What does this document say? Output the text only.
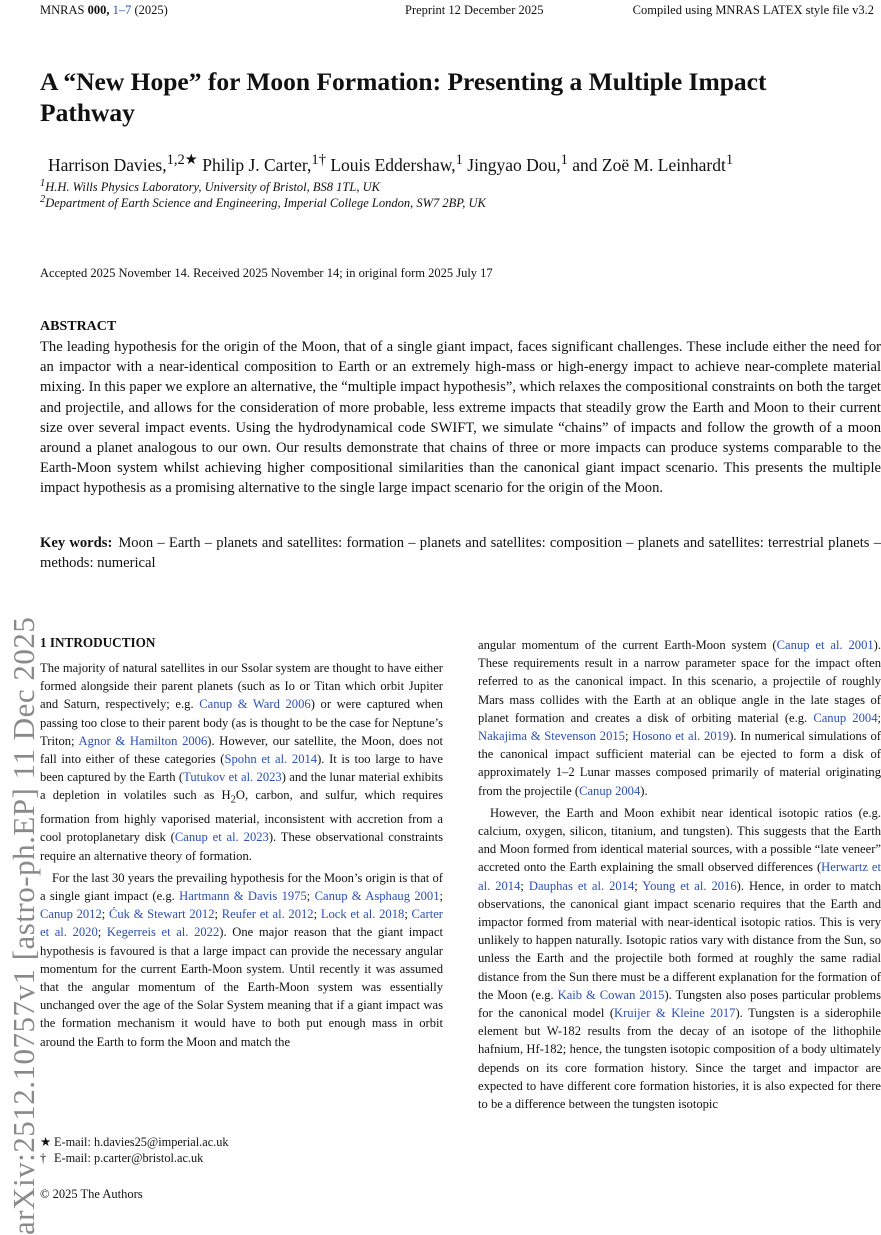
MNRAS 000, 1–7 (2025)	Preprint 12 December 2025	Compiled using MNRAS LATEX style file v3.2
arXiv:2512.10757v1 [astro-ph.EP] 11 Dec 2025
A “New Hope” for Moon Formation: Presenting a Multiple Impact Pathway
Harrison Davies,$^{1,2★}$ Philip J. Carter,$^{1\dagger}$ Louis Eddershaw,$^1$ Jingyao Dou,$^1$ and Zoë M. Leinhardt$^1$
$^1$H.H. Wills Physics Laboratory, University of Bristol, BS8 1TL, UK
$^2$Department of Earth Science and Engineering, Imperial College London, SW7 2BP, UK
Accepted 2025 November 14. Received 2025 November 14; in original form 2025 July 17
ABSTRACT
The leading hypothesis for the origin of the Moon, that of a single giant impact, faces significant challenges. These include either the need for an impactor with a near-identical composition to Earth or an extremely high-mass or high-energy impact to achieve near-complete material mixing. In this paper we explore an alternative, the “multiple impact hypothesis”, which relaxes the compositional constraints on both the target and projectile, and allows for the consideration of more probable, less extreme impacts that steadily grow the Earth and Moon to their current size over several impact events. Using the hydrodynamical code SWIFT, we simulate “chains” of impacts and follow the growth of a moon around a planet analogous to our own. Our results demonstrate that chains of three or more impacts can produce systems comparable to the Earth-Moon system whilst achieving higher compositional similarities than the canonical giant impact scenario. This presents the multiple impact hypothesis as a promising alternative to the single large impact scenario for the origin of the Moon.
Key words: Moon – Earth – planets and satellites: formation – planets and satellites: composition – planets and satellites: terrestrial planets – methods: numerical
1 INTRODUCTION

The majority of natural satellites in our Ssolar system are thought to have either formed alongside their parent planets (such as Io or Titan which orbit Jupiter and Saturn, respectively; e.g. Canup & Ward 2006) or were captured when passing too close to their parent body (as is thought to be the case for Neptune’s Triton; Agnor & Hamilton 2006). However, our satellite, the Moon, does not fall into either of these categories (Spohn et al. 2014). It is too large to have been captured by the Earth (Tutukov et al. 2023) and the lunar material exhibits a depletion in volatiles such as $H_2O$, carbon, and sulfur, which requires formation from highly vaporised material, inconsistent with accretion from a cool protoplanetary disk (Canup et al. 2023). These observational constraints require an alternative theory of formation.

For the last 30 years the prevailing hypothesis for the Moon’s origin is that of a single giant impact (e.g. Hartmann & Davis 1975; Canup & Asphaug 2001; Canup 2012; Ćuk & Stewart 2012; Reufer et al. 2012; Lock et al. 2018; Carter et al. 2020; Kegerreis et al. 2022). One major reason that the giant impact hypothesis is favoured is that a large impact can provide the necessary angular momentum for the current Earth-Moon system. Until recently it was assumed that the angular momentum of the Earth-Moon system was essentially unchanged over the age of the Solar System meaning that if a giant impact was the formation mechanism it would have to both put enough mass in orbit around the Earth to form the Moon and match the

angular momentum of the current Earth-Moon system (Canup et al. 2001). These requirements result in a narrow parameter space for the impact often referred to as the canonical impact. In this scenario, a projectile of roughly Mars mass collides with the Earth at an oblique angle in the late stages of planet formation and creates a disk of orbiting material (e.g. Canup 2004; Nakajima & Stevenson 2015; Hosono et al. 2019). In numerical simulations of the canonical impact sufficient material can be ejected to form a disk of approximately 1–2 Lunar masses composed primarily of material originating from the projectile (Canup 2004).

However, the Earth and Moon exhibit near identical isotopic ratios (e.g. calcium, oxygen, silicon, titanium, and tungsten). This suggests that the Earth and Moon formed from identical material sources, with a possible “late veneer” accreted onto the Earth explaining the small observed differences (Herwartz et al. 2014; Dauphas et al. 2014; Young et al. 2016). Hence, in order to match observations, the canonical giant impact scenario requires that the Earth and impactor formed from material with near-identical isotopic ratios. This is very unlikely to happen naturally. Isotopic ratios vary with distance from the Sun, so unless the Earth and the projectile both formed at roughly the same radial distance from the Sun there must be a different explanation for the formation of the Moon (e.g. Kaib & Cowan 2015). Tungsten also poses particular problems for the canonical model (Kruijer & Kleine 2017). Tungsten is a siderophile element but W-182 results from the decay of an isotope of the lithophile hafnium, Hf-182; hence, the tungsten isotopic composition of a body ultimately depends on its core formation history. Since the target and impactor are expected to have different core formation histories, it is also expected for there to be a difference between the tungsten isotopic

★ E-mail: h.davies25@imperial.ac.uk
† E-mail: p.carter@bristol.ac.uk
© 2025 The Authors
